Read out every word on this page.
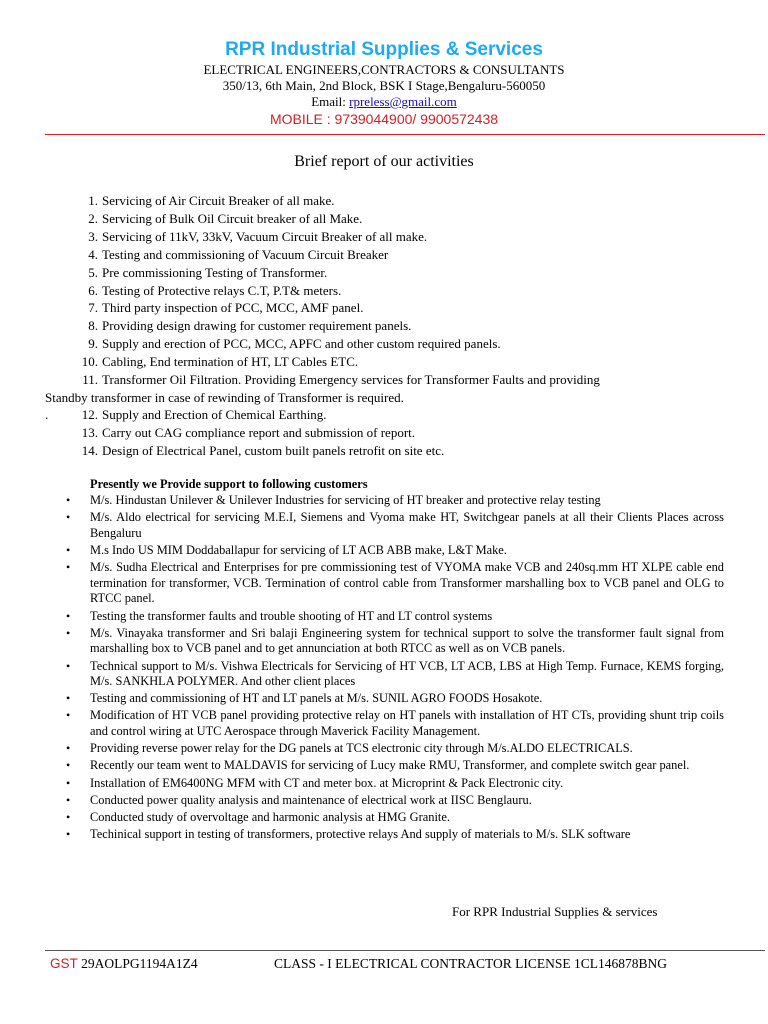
RPR Industrial Supplies & Services
ELECTRICAL ENGINEERS,CONTRACTORS & CONSULTANTS
350/13, 6th Main, 2nd Block, BSK I Stage,Bengaluru-560050
Email: rpreless@gmail.com
MOBILE : 9739044900/ 9900572438
Brief report of our activities
1. Servicing of Air Circuit Breaker of all make.
2. Servicing of Bulk Oil Circuit breaker of all Make.
3. Servicing of 11kV, 33kV, Vacuum Circuit Breaker of all make.
4. Testing and commissioning of Vacuum Circuit Breaker
5. Pre commissioning Testing of Transformer.
6. Testing of Protective relays C.T, P.T& meters.
7. Third party inspection of PCC, MCC, AMF panel.
8. Providing design drawing for customer requirement panels.
9. Supply and erection of PCC, MCC, APFC and other custom required panels.
10. Cabling, End termination of HT, LT Cables ETC.
11. Transformer Oil Filtration. Providing Emergency services for Transformer Faults and providing
Standby transformer in case of rewinding of Transformer is required.
.	12. Supply and Erection of Chemical Earthing.
13. Carry out CAG compliance report and submission of report.
14. Design of Electrical Panel, custom built panels retrofit on site etc.
Presently we Provide support to following customers
• M/s. Hindustan Unilever & Unilever Industries for servicing of HT breaker and protective relay testing
• M/s. Aldo electrical for servicing M.E.I, Siemens and Vyoma make HT, Switchgear panels at all their Clients Places across Bengaluru
• M.s Indo US MIM Doddaballapur for servicing of LT ACB ABB make, L&T Make.
• M/s. Sudha Electrical and Enterprises for pre commissioning test of VYOMA make VCB and 240sq.mm HT XLPE cable end termination for transformer, VCB. Termination of control cable from Transformer marshalling box to VCB panel and OLG to RTCC panel.
• Testing the transformer faults and trouble shooting of HT and LT control systems
• M/s. Vinayaka transformer and Sri balaji Engineering system for technical support to solve the transformer fault signal from marshalling box to VCB panel and to get annunciation at both RTCC as well as on VCB panels.
• Technical support to M/s. Vishwa Electricals for Servicing of HT VCB, LT ACB, LBS at High Temp. Furnace, KEMS forging, M/s. SANKHLA POLYMER. And other client places
• Testing and commissioning of HT and LT panels at M/s. SUNIL AGRO FOODS Hosakote.
• Modification of HT VCB panel providing protective relay on HT panels with installation of HT CTs, providing shunt trip coils and control wiring at UTC Aerospace through Maverick Facility Management.
• Providing reverse power relay for the DG panels at TCS electronic city through M/s.ALDO ELECTRICALS.
• Recently our team went to MALDAVIS for servicing of Lucy make RMU, Transformer, and complete switch gear panel.
• Installation of EM6400NG MFM with CT and meter box. at Microprint & Pack Electronic city.
• Conducted power quality analysis and maintenance of electrical work at IISC Benglauru.
• Conducted study of overvoltage and harmonic analysis at HMG Granite.
• Techinical support in testing of transformers, protective relays And supply of materials to M/s. SLK software
For RPR Industrial Supplies & services
GST 29AOLPG1194A1Z4	CLASS - I ELECTRICAL CONTRACTOR LICENSE 1CL146878BNG
